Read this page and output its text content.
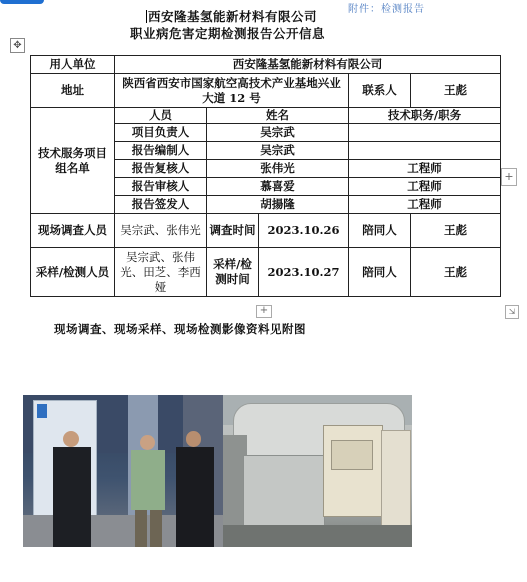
附件：检测报告
西安隆基氢能新材料有限公司
职业病危害定期检测报告公开信息
✥
用人单位	西安隆基氢能新材料有限公司				
地址	陕西省西安市国家航空高技术产业基地兴业大道 12 号			联系人	王彪
技术服务项目组名单	人员	姓名		技术职务/职务	
	项目负责人	吴宗武			
	报告编制人	吴宗武			
	报告复核人	张伟光		工程师	
	报告审核人	慕喜爱		工程师	
	报告签发人	胡揚隆		工程师	
现场调查人员	吴宗武、张伟光	调查时间	2023.10.26	陪同人	王彪
采样/检测人员	吴宗武、张伟光、田芝、李西娅	采样/检测时间	2023.10.27	陪同人	王彪
+
+	⇲
现场调查、现场采样、现场检测影像资料见附图
